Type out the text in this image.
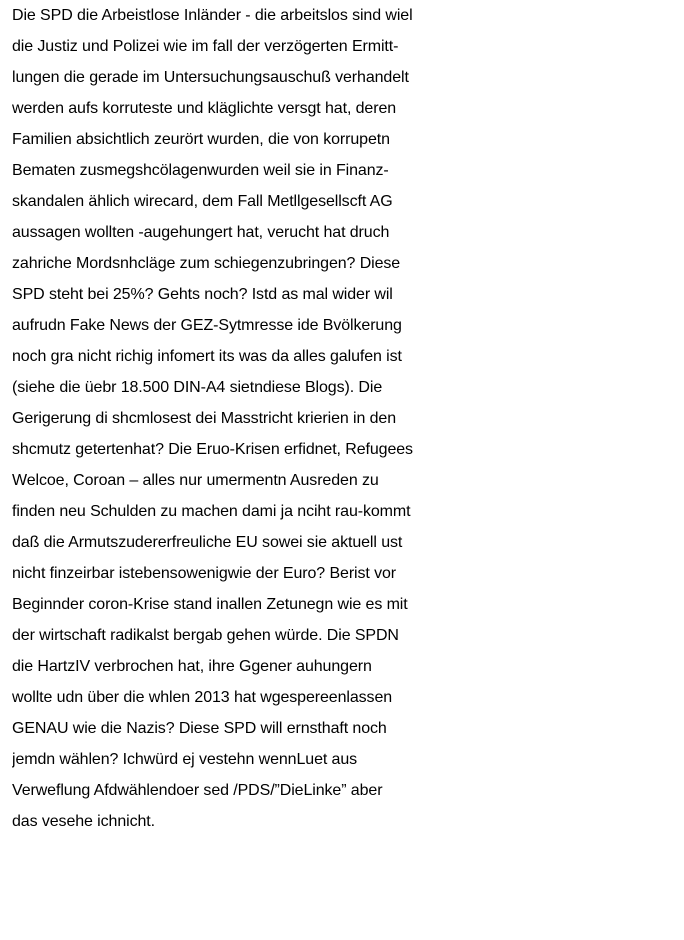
Die SPD die Arbeistlose Inländer - die arbeitslos sind wiel
die Justiz und Polizei wie im fall der verzögerten Ermitt-
lungen die gerade im Untersuchungsauschuß verhandelt
werden aufs korruteste und kläglichte versgt hat, deren
Familien absichtlich zeurört wurden, die von korrupetn
Bematen zusmegshcölagenwurden weil sie in Finanz-
skandalen ählich wirecard, dem Fall Metllgesellscft AG
aussagen wollten -augehungert hat, verucht hat druch
zahriche Mordsnhcläge zum schiegenzubringen? Diese
SPD steht bei 25%? Gehts noch? Istd as mal wider wil
aufrudn Fake News der GEZ-Sytmresse ide Bvölkerung
noch gra nicht richig infomert its was da alles galufen ist
(siehe die üebr 18.500 DIN-A4 sietndiese Blogs). Die
Gerigerung di shcmlosest dei Masstricht krierien in den
shcmutz getertenhat? Die Eruo-Krisen erfidnet, Refugees
Welcoe, Coroan – alles nur umermentn Ausreden zu
finden neu Schulden zu machen dami ja nciht rau-kommt
daß die Armutszudererfreuliche EU sowei sie aktuell ust
nicht finzeirbar istebensowenigwie der Euro? Berist vor
Beginnder coron-Krise stand inallen Zetunegn wie es mit
der wirtschaft radikalst bergab gehen würde. Die SPDN
die HartzIV verbrochen hat, ihre Ggener auhungern
wollte udn über die whlen 2013 hat wgespereenlassen
GENAU wie die Nazis? Diese SPD will ernsthaft noch
jemdn wählen? Ichwürd ej vestehn wennLuet aus
Verweflung Afdwählendoer sed /PDS/”DieLinke” aber
das vesehe ichnicht.
